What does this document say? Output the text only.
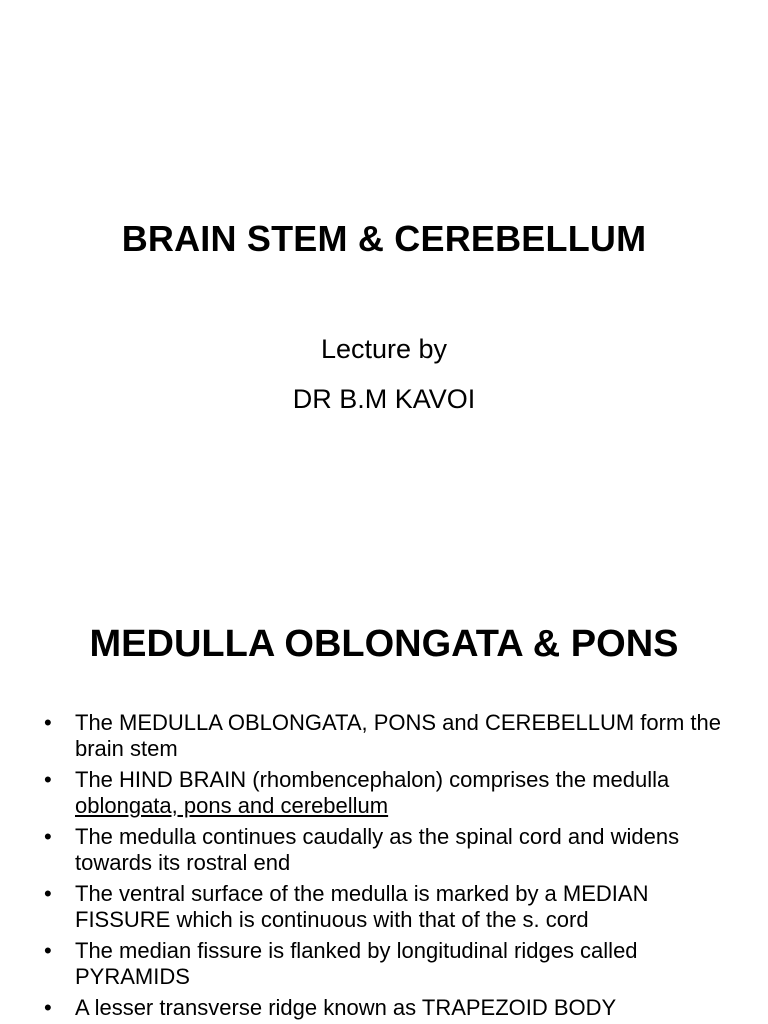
BRAIN STEM & CEREBELLUM
Lecture by
DR B.M KAVOI
MEDULLA OBLONGATA & PONS
• The MEDULLA OBLONGATA, PONS and CEREBELLUM form the brain stem
• The HIND BRAIN (rhombencephalon) comprises the medulla oblongata, pons and cerebellum
• The medulla continues caudally as the spinal cord and widens towards its rostral end
• The ventral surface of the medulla is marked by a MEDIAN FISSURE which is continuous with that of the s. cord
• The median fissure is flanked by longitudinal ridges called PYRAMIDS
• A lesser transverse ridge known as TRAPEZOID BODY
